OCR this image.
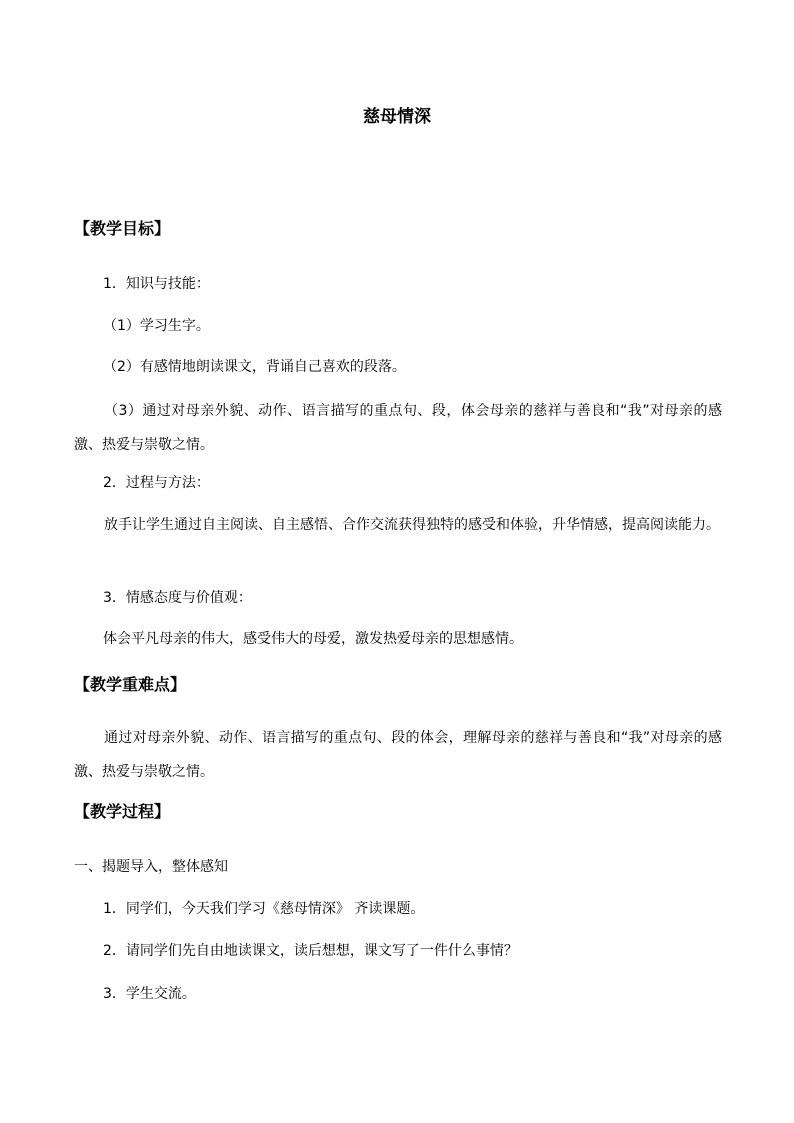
慈母情深
【教学目标】
1．知识与技能：
（1）学习生字。
（2）有感情地朗读课文，背诵自己喜欢的段落。
（3）通过对母亲外貌、动作、语言描写的重点句、段，体会母亲的慈祥与善良和“我”对母亲的感激、热爱与崇敬之情。
2．过程与方法：
放手让学生通过自主阅读、自主感悟、合作交流获得独特的感受和体验，升华情感，提高阅读能力。
3．情感态度与价值观：
体会平凡母亲的伟大，感受伟大的母爱，激发热爱母亲的思想感情。
【教学重难点】
通过对母亲外貌、动作、语言描写的重点句、段的体会，理解母亲的慈祥与善良和“我”对母亲的感激、热爱与崇敬之情。
【教学过程】
一、揭题导入，整体感知
1．同学们，今天我们学习《慈母情深》 齐读课题。
2．请同学们先自由地读课文，读后想想，课文写了一件什么事情？
3．学生交流。
